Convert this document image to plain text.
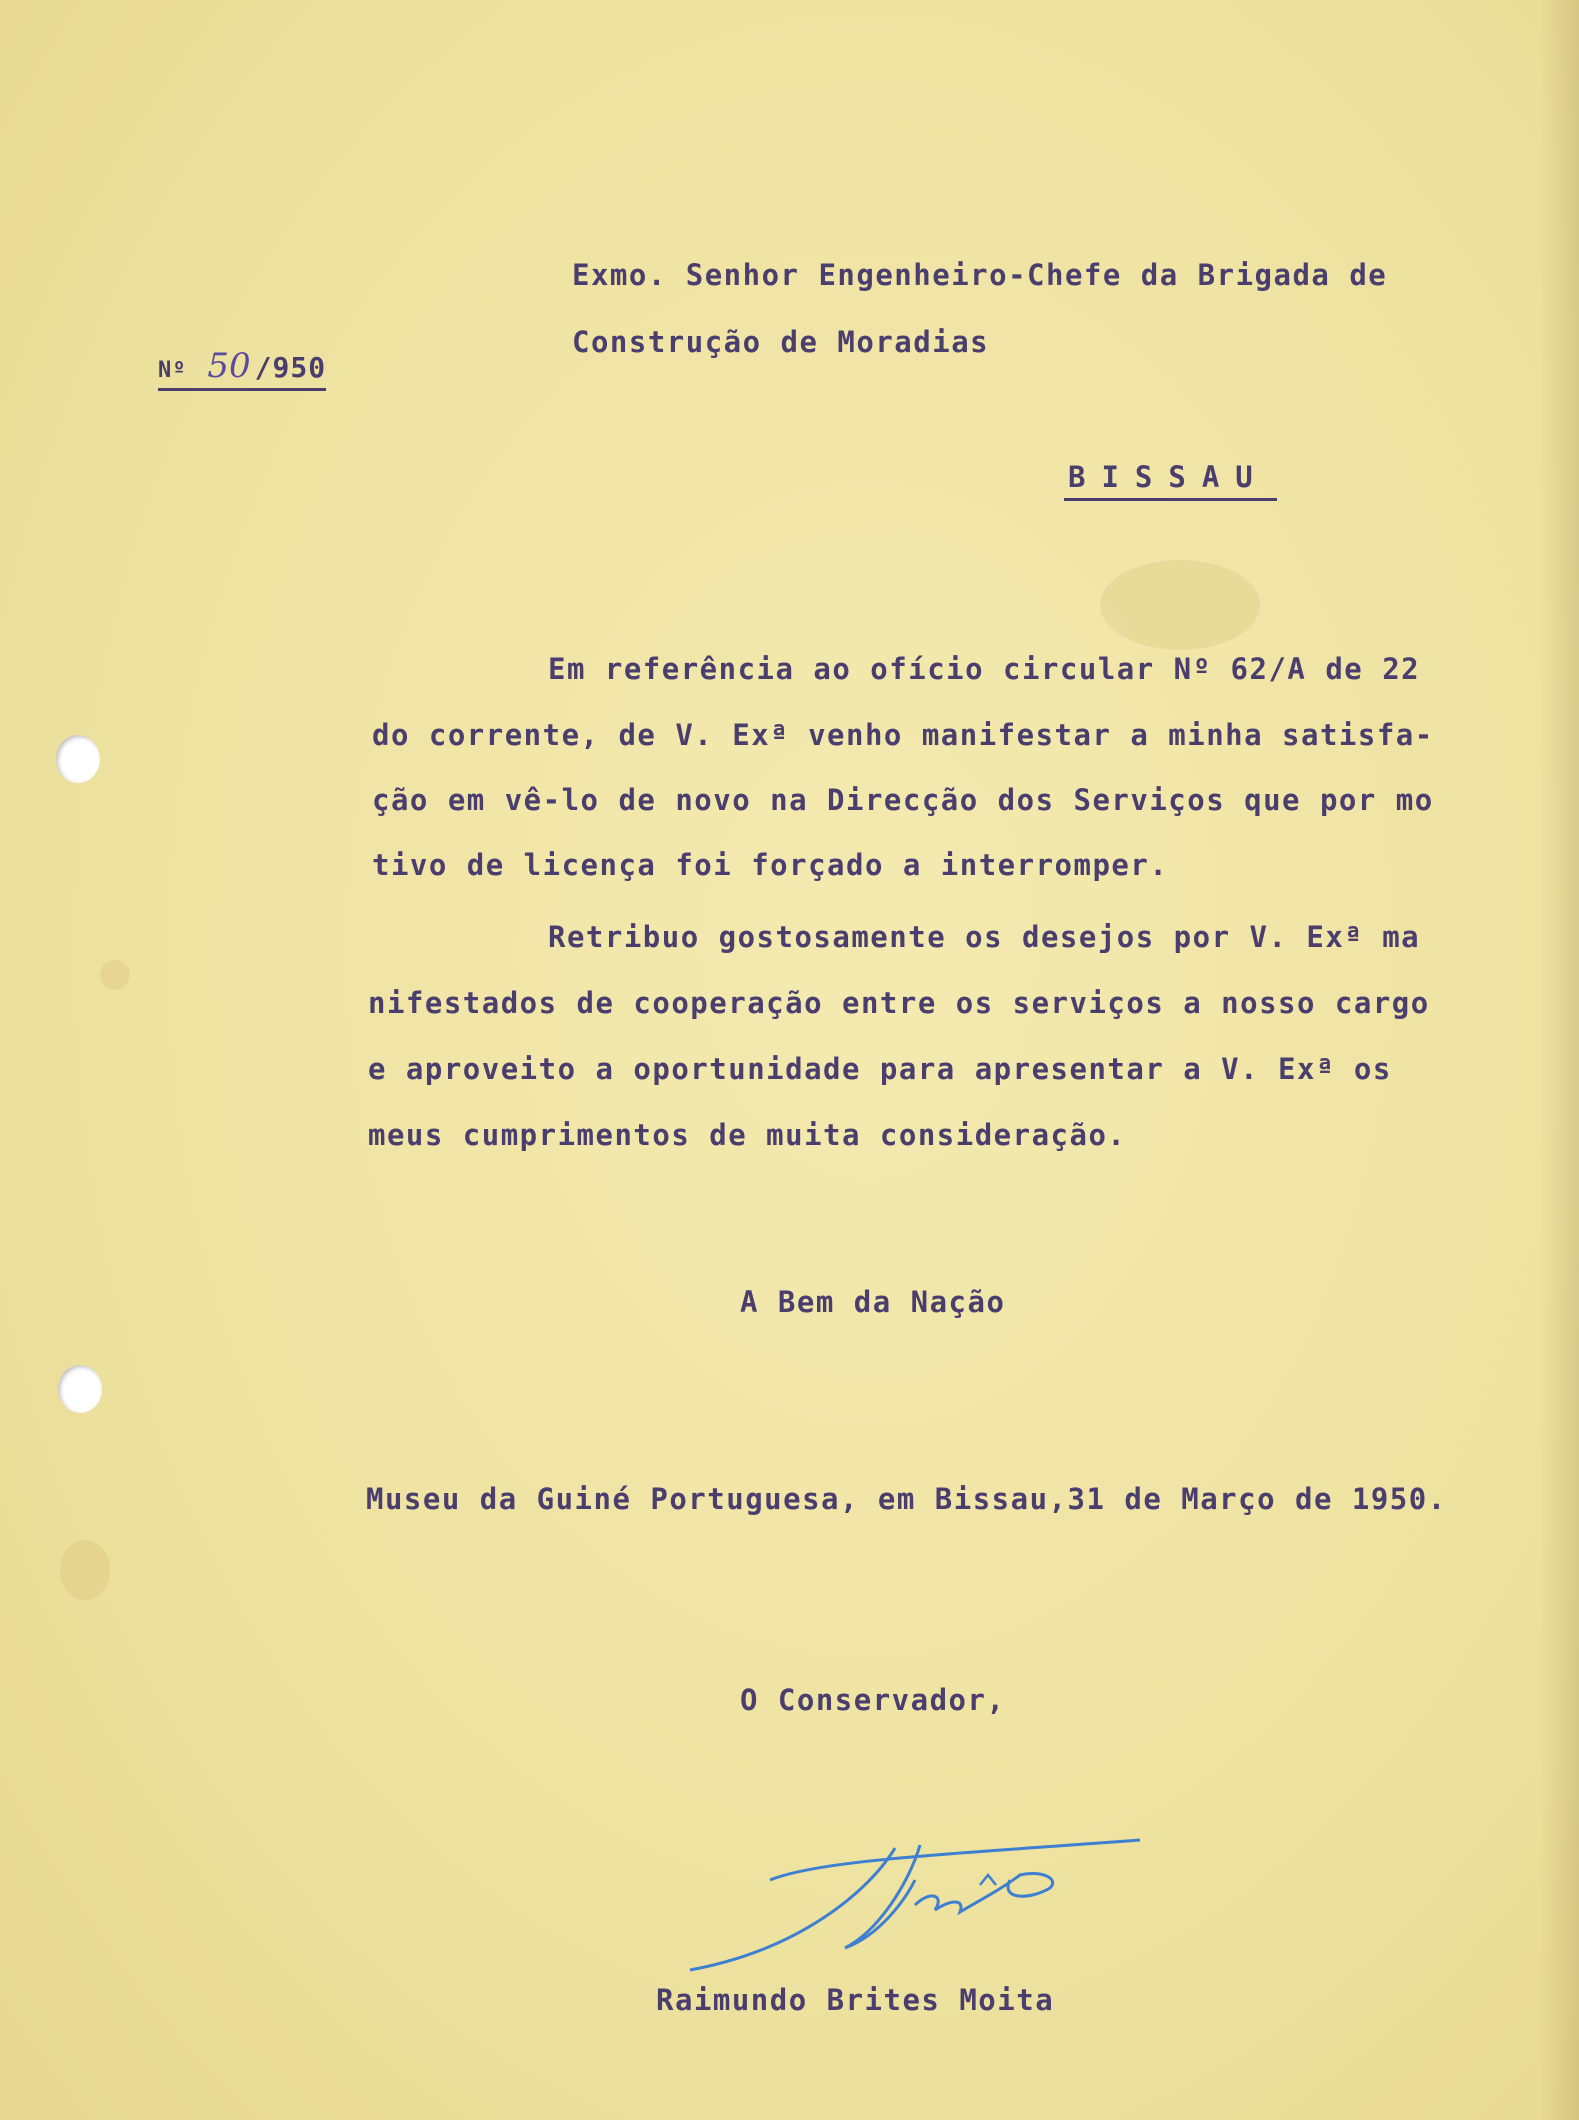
Exmo. Senhor Engenheiro-Chefe da Brigada de

Construção de Moradias

Nº 50 /950

BISSAU

Em referência ao ofício circular Nº 62/A de 22

do corrente, de V. Exª venho manifestar a minha satisfa-

ção em vê-lo de novo na Direcção dos Serviços que por mo

tivo de licença foi forçado a interromper.

Retribuo gostosamente os desejos por V. Exª ma

nifestados de cooperação entre os serviços a nosso cargo

e aproveito a oportunidade para apresentar a V. Exª os

meus cumprimentos de muita consideração.

A Bem da Nação

Museu da Guiné Portuguesa, em Bissau,31 de Março de 1950.

O Conservador,

Raimundo Brites Moita
